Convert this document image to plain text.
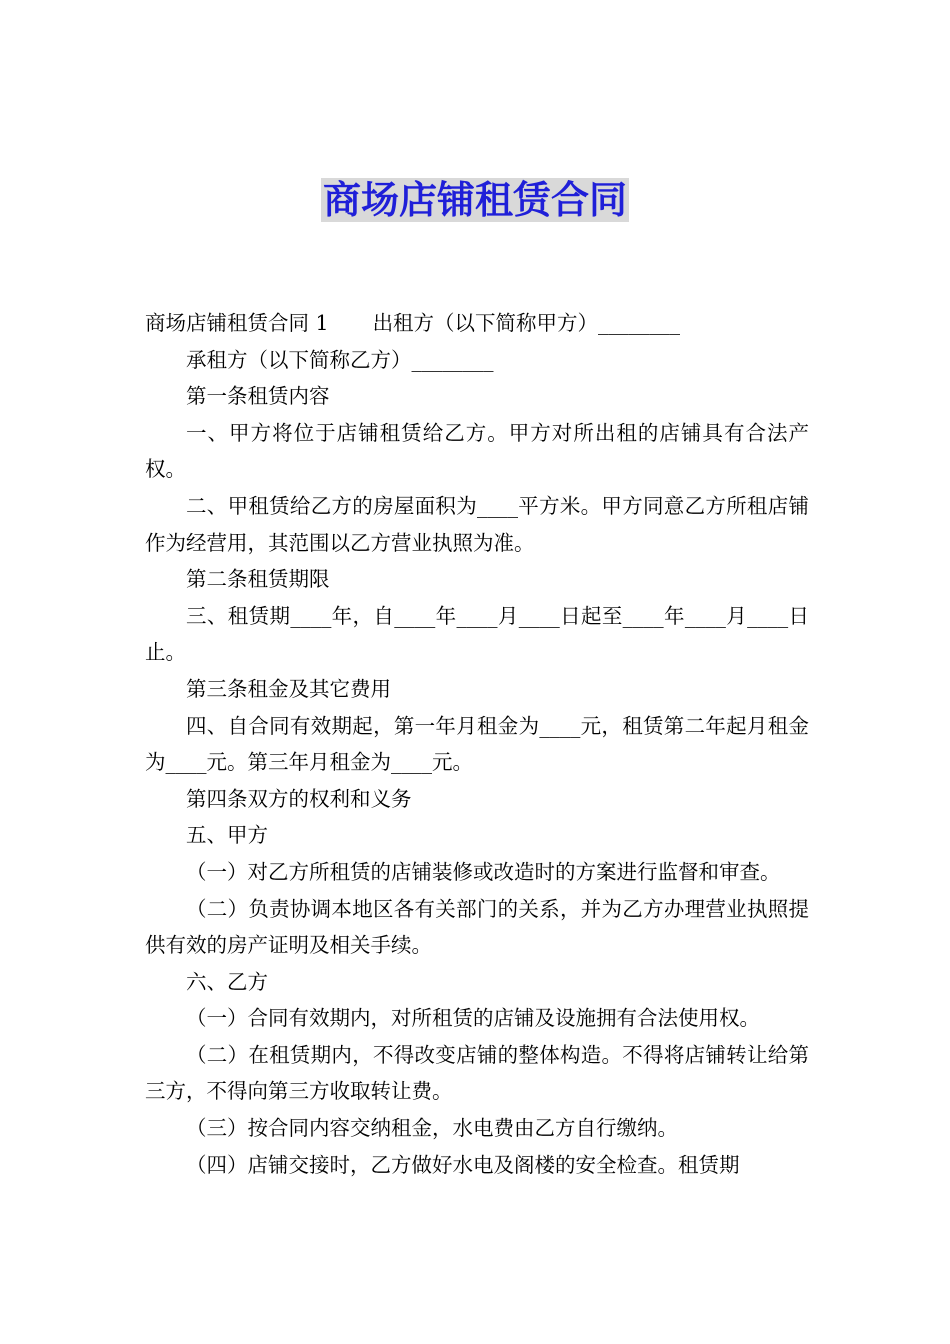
商场店铺租赁合同

商场店铺租赁合同 1 出租方（以下简称甲方）________

承租方（以下简称乙方）________

第一条租赁内容

一、甲方将位于店铺租赁给乙方。甲方对所出租的店铺具有合法产权。

二、甲租赁给乙方的房屋面积为____平方米。甲方同意乙方所租店铺作为经营用，其范围以乙方营业执照为准。

第二条租赁期限

三、租赁期____年，自____年____月____日起至____年____月____日止。

第三条租金及其它费用

四、自合同有效期起，第一年月租金为____元，租赁第二年起月租金为____元。第三年月租金为____元。

第四条双方的权利和义务

五、甲方

（一）对乙方所租赁的店铺装修或改造时的方案进行监督和审查。

（二）负责协调本地区各有关部门的关系，并为乙方办理营业执照提供有效的房产证明及相关手续。

六、乙方

（一）合同有效期内，对所租赁的店铺及设施拥有合法使用权。

（二）在租赁期内，不得改变店铺的整体构造。不得将店铺转让给第三方，不得向第三方收取转让费。

（三）按合同内容交纳租金，水电费由乙方自行缴纳。

（四）店铺交接时，乙方做好水电及阁楼的安全检查。租赁期
